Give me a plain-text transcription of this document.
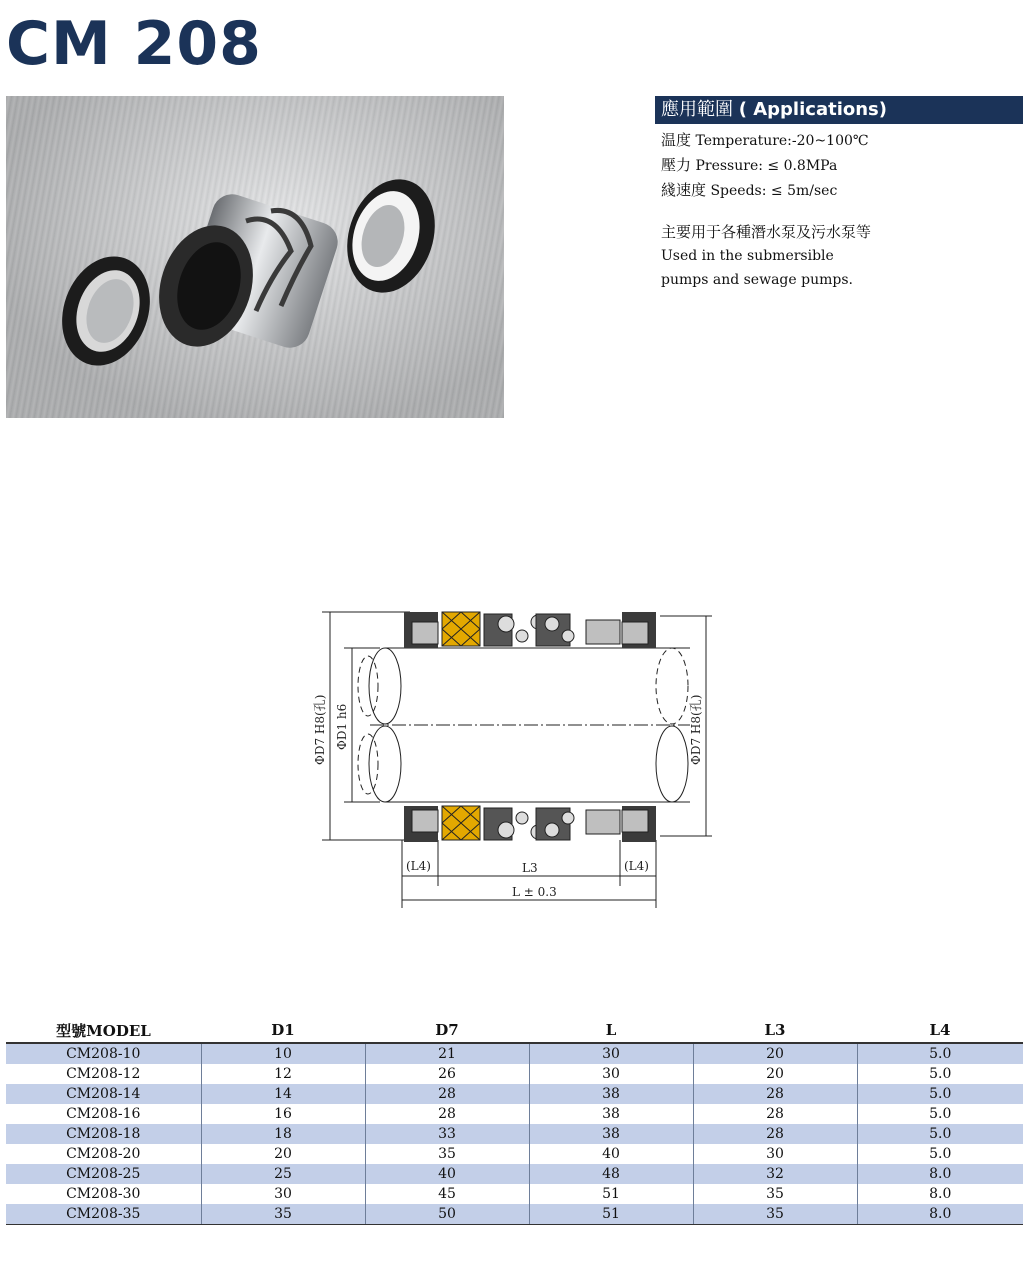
CM 208
應用範圍 ( Applications)
温度 Temperature:-20~100℃
壓力 Pressure: ≤ 0.8MPa
綫速度 Speeds: ≤ 5m/sec
主要用于各種潛水泵及污水泵等
Used in the submersible
pumps and sewage pumps.
ΦD7 H8(孔) ΦD1 h6	ΦD7 H8(孔)
(L4)	L3	(L4)
L ± 0.3
型號MODEL	D1	D7	L	L3	L4
CM208-10	10	21	30	20	5.0
CM208-12	12	26	30	20	5.0
CM208-14	14	28	38	28	5.0
CM208-16	16	28	38	28	5.0
CM208-18	18	33	38	28	5.0
CM208-20	20	35	40	30	5.0
CM208-25	25	40	48	32	8.0
CM208-30	30	45	51	35	8.0
CM208-35	35	50	51	35	8.0
